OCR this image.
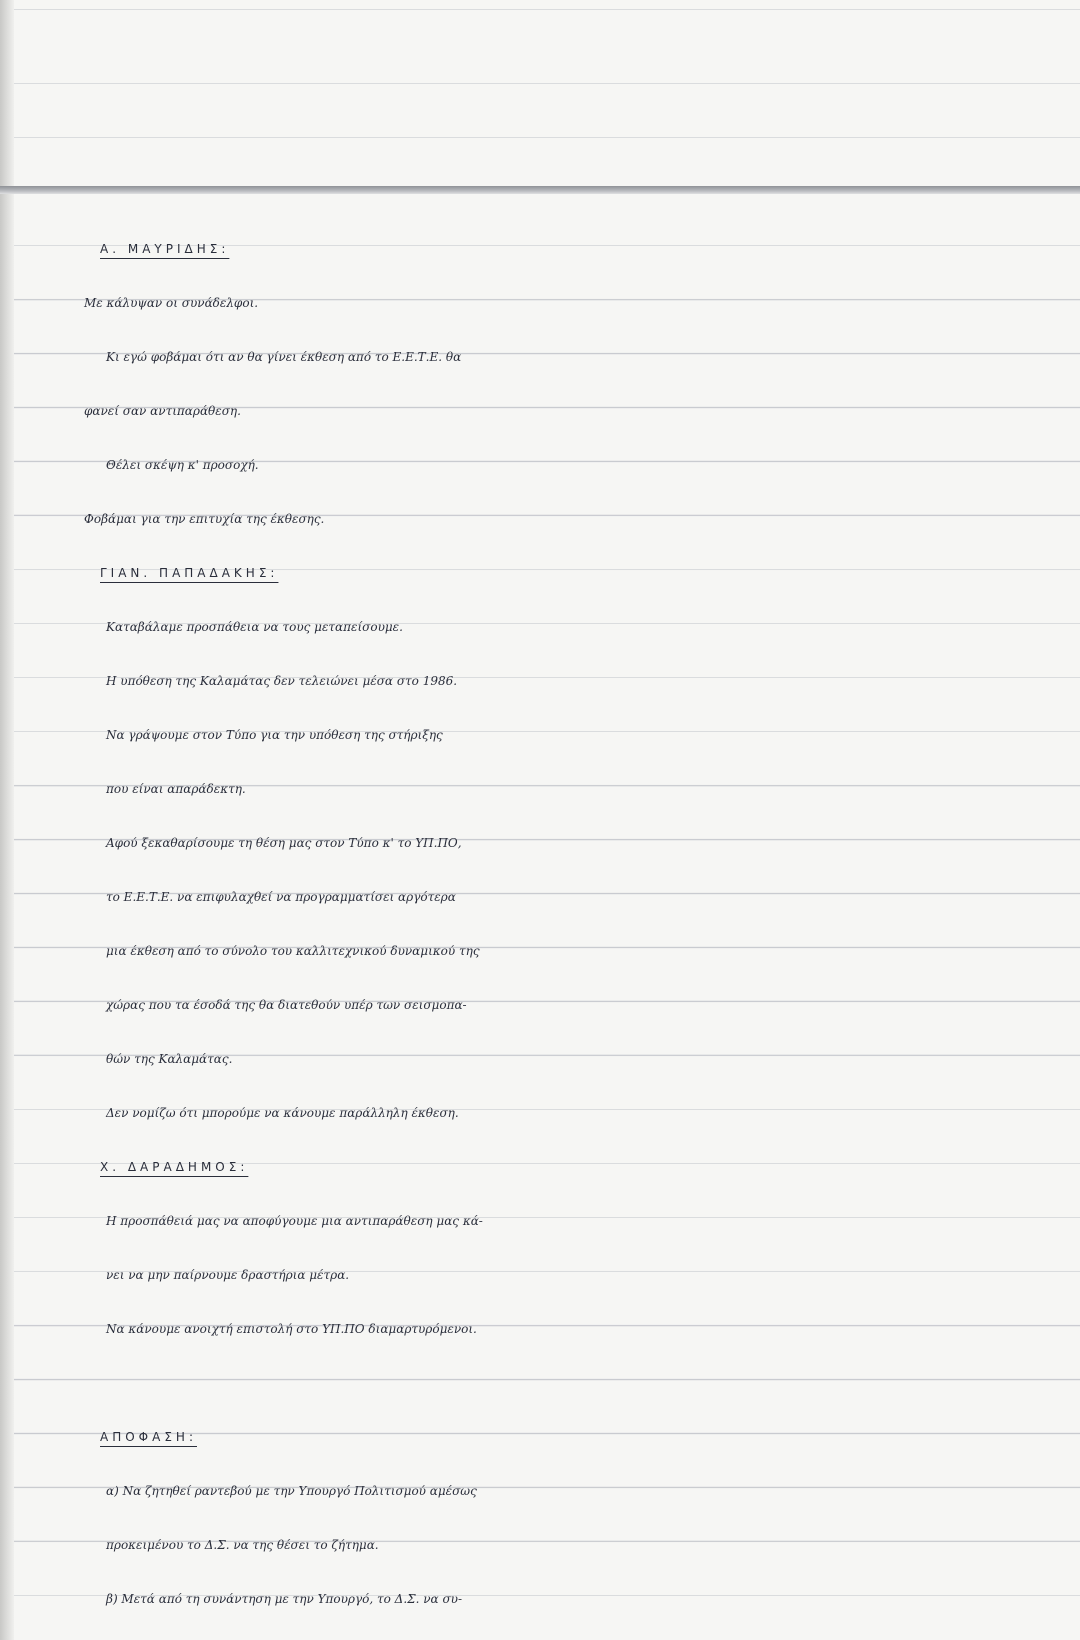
Α. ΜΑΥΡΙΔΗΣ:
Με κάλυψαν οι συνάδελφοι.
Κι εγώ φοβάμαι ότι αν θα γίνει έκθεση από το Ε.Ε.Τ.Ε. θα
φανεί σαν αντιπαράθεση.
Θέλει σκέψη κ' προσοχή.
Φοβάμαι για την επιτυχία της έκθεσης.
ΓΙΑΝ. ΠΑΠΑΔΑΚΗΣ:
Καταβάλαμε προσπάθεια να τους μεταπείσουμε.
Η υπόθεση της Καλαμάτας δεν τελειώνει μέσα στο 1986.
Να γράψουμε στον Τύπο για την υπόθεση της στήριξης
που είναι απαράδεκτη.
Αφού ξεκαθαρίσουμε τη θέση μας στον Τύπο κ' το ΥΠ.ΠΟ,
το Ε.Ε.Τ.Ε. να επιφυλαχθεί να προγραμματίσει αργότερα
μια έκθεση από το σύνολο του καλλιτεχνικού δυναμικού της
χώρας που τα έσοδά της θα διατεθούν υπέρ των σεισμοπα-
θών της Καλαμάτας.
Δεν νομίζω ότι μπορούμε να κάνουμε παράλληλη έκθεση.
Χ. ΔΑΡΑΔΗΜΟΣ:
Η προσπάθειά μας να αποφύγουμε μια αντιπαράθεση μας κά-
νει να μην παίρνουμε δραστήρια μέτρα.
Να κάνουμε ανοιχτή επιστολή στο ΥΠ.ΠΟ διαμαρτυρόμενοι.
ΑΠΟΦΑΣΗ:
α) Να ζητηθεί ραντεβού με την Υπουργό Πολιτισμού αμέσως
προκειμένου το Δ.Σ. να της θέσει το ζήτημα.
β) Μετά από τη συνάντηση με την Υπουργό, το Δ.Σ. να συ-
